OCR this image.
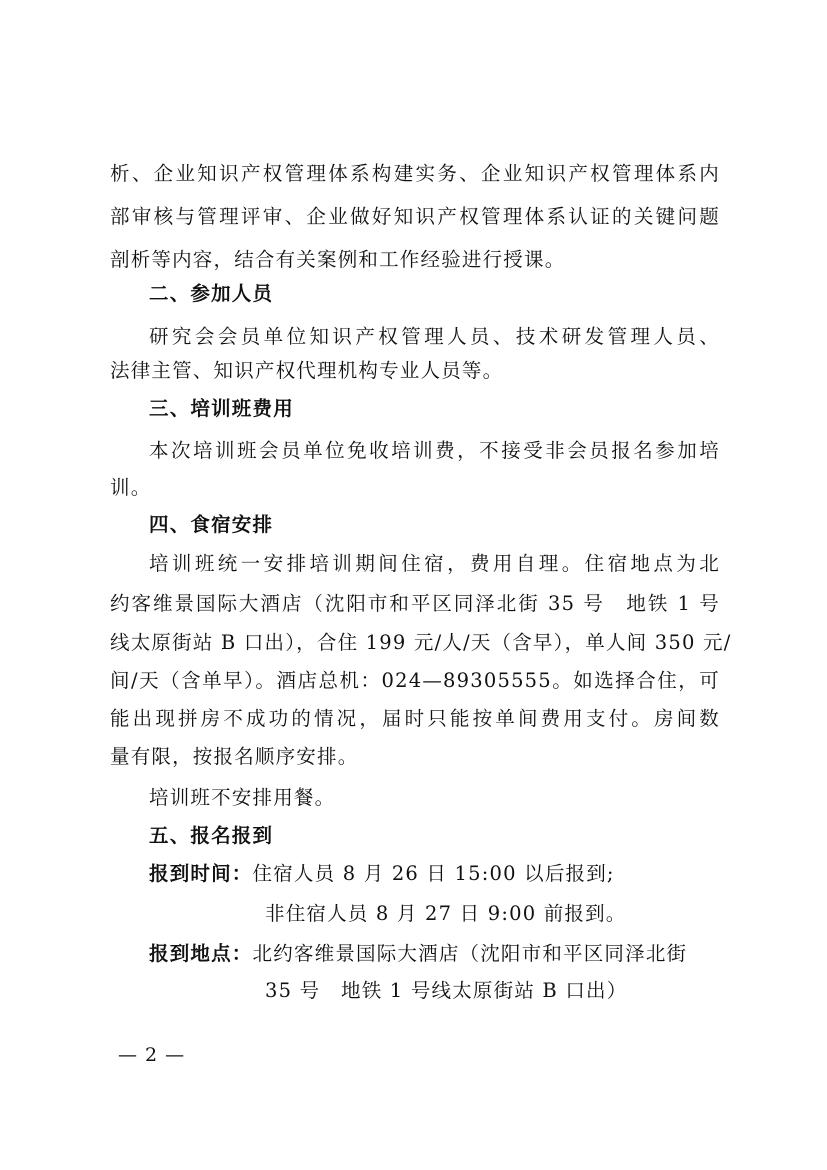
析、企业知识产权管理体系构建实务、企业知识产权管理体系内
部审核与管理评审、企业做好知识产权管理体系认证的关键问题
剖析等内容，结合有关案例和工作经验进行授课。
二、参加人员
研究会会员单位知识产权管理人员、技术研发管理人员、
法律主管、知识产权代理机构专业人员等。
三、培训班费用
本次培训班会员单位免收培训费，不接受非会员报名参加培
训。
四、食宿安排
培训班统一安排培训期间住宿，费用自理。住宿地点为北
约客维景国际大酒店（沈阳市和平区同泽北街 35 号　地铁 1 号
线太原街站 B 口出），合住 199 元/人/天（含早），单人间 350 元/
间/天（含单早）。酒店总机：024—89305555。如选择合住，可
能出现拼房不成功的情况，届时只能按单间费用支付。房间数
量有限，按报名顺序安排。
培训班不安排用餐。
五、报名报到
报到时间：住宿人员 8 月 26 日 15:00 以后报到;
非住宿人员 8 月 27 日 9:00 前报到。
报到地点：北约客维景国际大酒店（沈阳市和平区同泽北街
35 号　地铁 1 号线太原街站 B 口出）
— 2 —
